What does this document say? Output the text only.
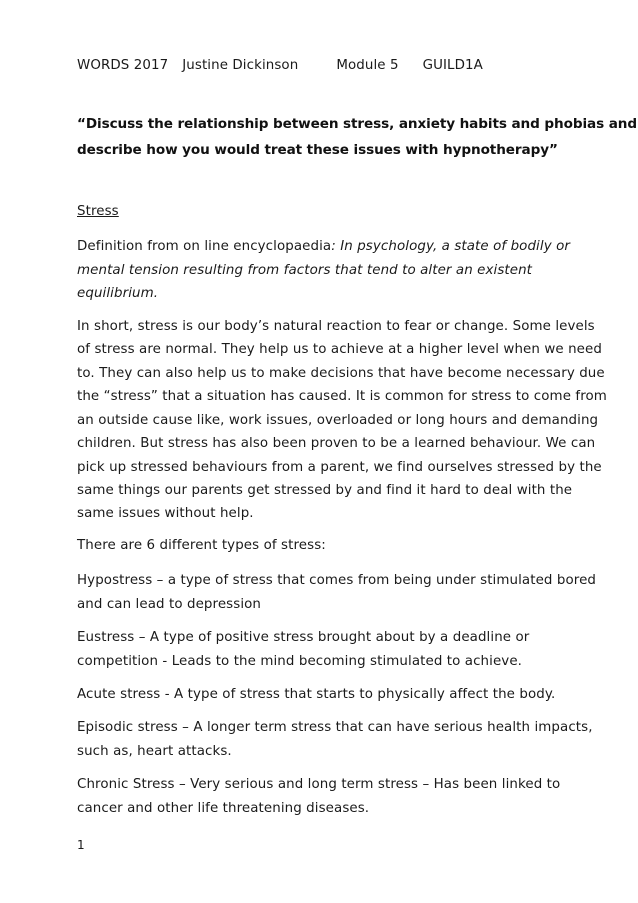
WORDS 2017 Justine Dickinson	Module 5 GUILD1A
“Discuss the relationship between stress, anxiety habits and phobias and
describe how you would treat these issues with hypnotherapy”
Stress
Definition from on line encyclopaedia: In psychology, a state of bodily or
mental tension resulting from factors that tend to alter an existent
equilibrium.
In short, stress is our body’s natural reaction to fear or change. Some levels
of stress are normal. They help us to achieve at a higher level when we need
to. They can also help us to make decisions that have become necessary due
the “stress” that a situation has caused. It is common for stress to come from
an outside cause like, work issues, overloaded or long hours and demanding
children. But stress has also been proven to be a learned behaviour. We can
pick up stressed behaviours from a parent, we find ourselves stressed by the
same things our parents get stressed by and find it hard to deal with the
same issues without help.
There are 6 different types of stress:
Hypostress – a type of stress that comes from being under stimulated bored
and can lead to depression
Eustress – A type of positive stress brought about by a deadline or
competition - Leads to the mind becoming stimulated to achieve.
Acute stress - A type of stress that starts to physically affect the body.
Episodic stress – A longer term stress that can have serious health impacts,
such as, heart attacks.
Chronic Stress – Very serious and long term stress – Has been linked to
cancer and other life threatening diseases.
1
